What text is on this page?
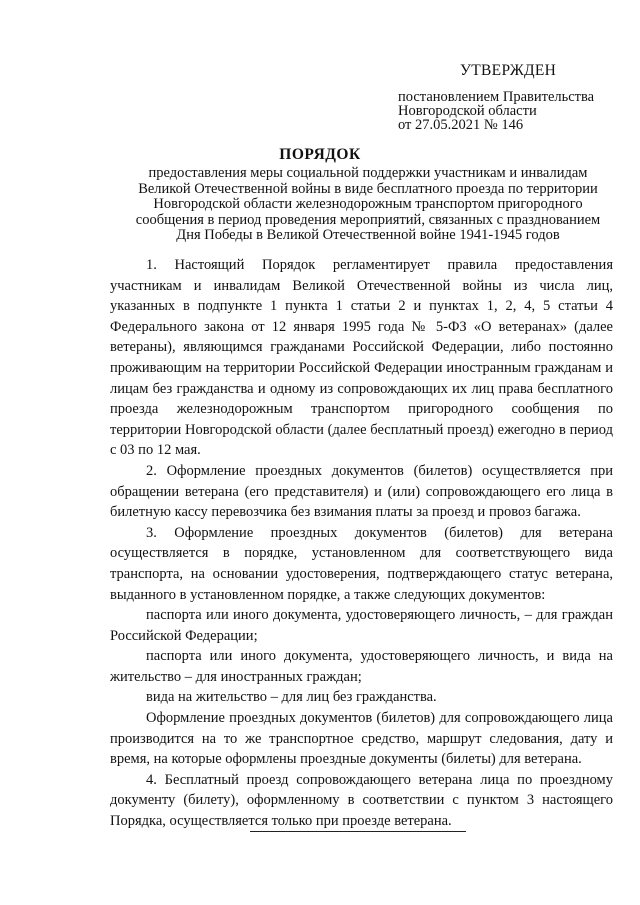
УТВЕРЖДЕН
постановлением Правительства
Новгородской области
от 27.05.2021 № 146
ПОРЯДОК
предоставления меры социальной поддержки участникам и инвалидам
Великой Отечественной войны в виде бесплатного проезда по территории
Новгородской области железнодорожным транспортом пригородного
сообщения в период проведения мероприятий, связанных с празднованием
Дня Победы в Великой Отечественной войне 1941-1945 годов

1. Настоящий Порядок регламентирует правила предоставления участникам и инвалидам Великой Отечественной войны из числа лиц, указанных в подпункте 1 пункта 1 статьи 2 и пунктах 1, 2, 4, 5 статьи 4 Федерального закона от 12 января 1995 года № 5-ФЗ «О ветеранах» (далее ветераны), являющимся гражданами Российской Федерации, либо постоянно проживающим на территории Российской Федерации иностранным гражданам и лицам без гражданства и одному из сопровождающих их лиц права бесплатного проезда железнодорожным транспортом пригородного сообщения по территории Новгородской области (далее бесплатный проезд) ежегодно в период с 03 по 12 мая.

2. Оформление проездных документов (билетов) осуществляется при обращении ветерана (его представителя) и (или) сопровождающего его лица в билетную кассу перевозчика без взимания платы за проезд и провоз багажа.

3. Оформление проездных документов (билетов) для ветерана осуществляется в порядке, установленном для соответствующего вида транспорта, на основании удостоверения, подтверждающего статус ветерана, выданного в установленном порядке, а также следующих документов:

паспорта или иного документа, удостоверяющего личность, – для граждан Российской Федерации;

паспорта или иного документа, удостоверяющего личность, и вида на жительство – для иностранных граждан;

вида на жительство – для лиц без гражданства.

Оформление проездных документов (билетов) для сопровождающего лица производится на то же транспортное средство, маршрут следования, дату и время, на которые оформлены проездные документы (билеты) для ветерана.

4. Бесплатный проезд сопровождающего ветерана лица по проездному документу (билету), оформленному в соответствии с пунктом 3 настоящего Порядка, осуществляется только при проезде ветерана.
